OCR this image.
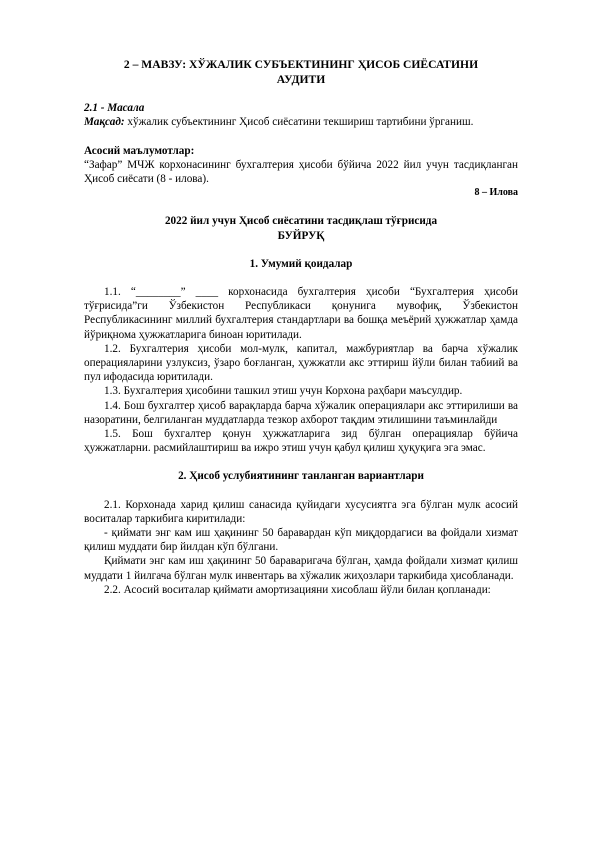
2 – МАВЗУ: ХЎЖАЛИК СУБЪЕКТИНИНГ ҲИСОБ СИЁСАТИНИ
АУДИТИ

2.1 - Масала

Мақсад: хўжалик субъектининг Ҳисоб сиёсатини текшириш тартибини ўрганиш.

Асосий маълумотлар:

“Зафар” МЧЖ корхонасининг бухгалтерия ҳисоби бўйича 2022 йил учун тасдиқланган Ҳисоб сиёсати (8 - илова).

8 – Илова

2022 йил учун Ҳисоб сиёсатини тасдиқлаш тўғрисида
БУЙРУҚ

1. Умумий қоидалар

1.1. “________” ____ корхонасида бухгалтерия ҳисоби “Бухгалтерия ҳисоби тўғрисида”ги Ўзбекистон Республикаси қонунига мувофиқ, Ўзбекистон Республикасининг миллий бухгалтерия стандартлари ва бошқа меъёрий ҳужжатлар ҳамда йўриқнома ҳужжатларига биноан юритилади.

1.2. Бухгалтерия ҳисоби мол-мулк, капитал, мажбуриятлар ва барча хўжалик операцияларини узлуксиз, ўзаро боғланган, ҳужжатли акс эттириш йўли билан табиий ва пул ифодасида юритилади.

1.3. Бухгалтерия ҳисобини ташкил этиш учун Корхона раҳбари маъсулдир.

1.4. Бош бухгалтер ҳисоб варақларда барча хўжалик операциялари акс эттирилиши ва назоратини, белгиланган муддатларда тезкор ахборот тақдим этилишини таъминлайди

1.5. Бош бухгалтер қонун ҳужжатларига зид бўлган операциялар бўйича ҳужжатларни. расмийлаштириш ва ижро этиш учун қабул қилиш ҳуқуқига эга эмас.

2. Ҳисоб услубиятининг танланган вариантлари

2.1. Корхонада харид қилиш санасида қуйидаги хусусиятга эга бўлган мулк асосий воситалар таркибига киритилади:

- қиймати энг кам иш ҳақининг 50 баравардан кўп миқдордагиси ва фойдали хизмат қилиш муддати бир йилдан кўп бўлгани.

Қиймати энг кам иш ҳақининг 50 бараваригача бўлган, ҳамда фойдали хизмат қилиш муддати 1 йилгача бўлган мулк инвентарь ва хўжалик жиҳозлари таркибида ҳисобланади.

2.2. Асосий воситалар қиймати амортизацияни хисоблаш йўли билан қопланади:
